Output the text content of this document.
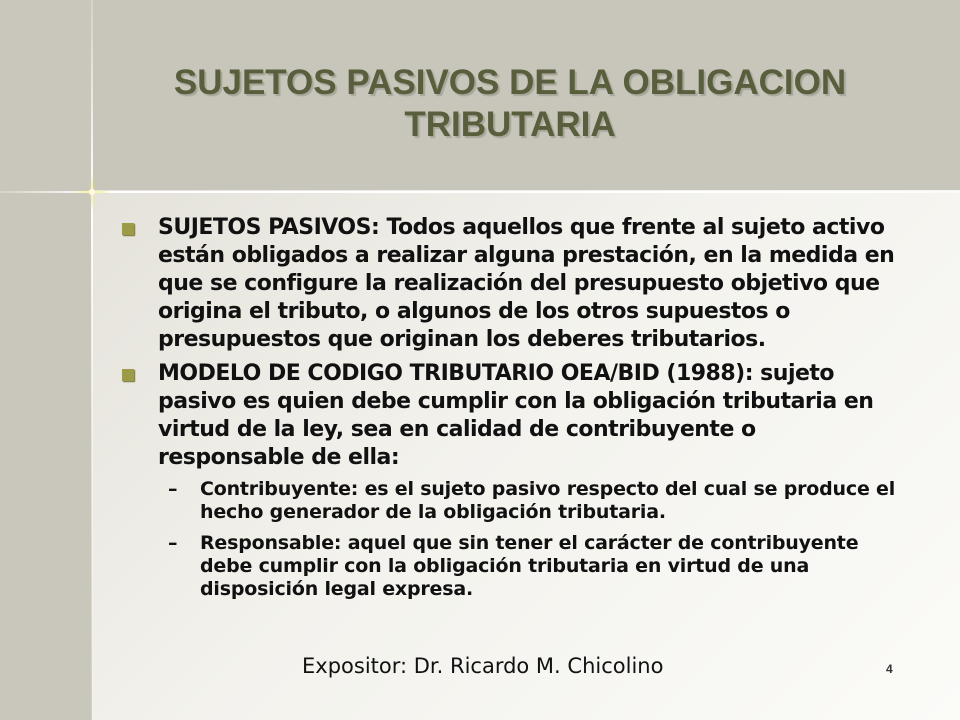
SUJETOS PASIVOS DE LA OBLIGACION TRIBUTARIA
SUJETOS PASIVOS: Todos aquellos que frente al sujeto activo están obligados a realizar alguna prestación, en la medida en que se configure la realización del presupuesto objetivo que origina el tributo, o algunos de los otros supuestos o presupuestos que originan los deberes tributarios.
MODELO DE CODIGO TRIBUTARIO OEA/BID (1988): sujeto pasivo es quien debe cumplir con la obligación tributaria en virtud de la ley, sea en calidad de contribuyente o responsable de ella:
– Contribuyente: es el sujeto pasivo respecto del cual se produce el hecho generador de la obligación tributaria.
– Responsable: aquel que sin tener el carácter de contribuyente debe cumplir con la obligación tributaria en virtud de una disposición legal expresa.
Expositor: Dr. Ricardo M. Chicolino	4
